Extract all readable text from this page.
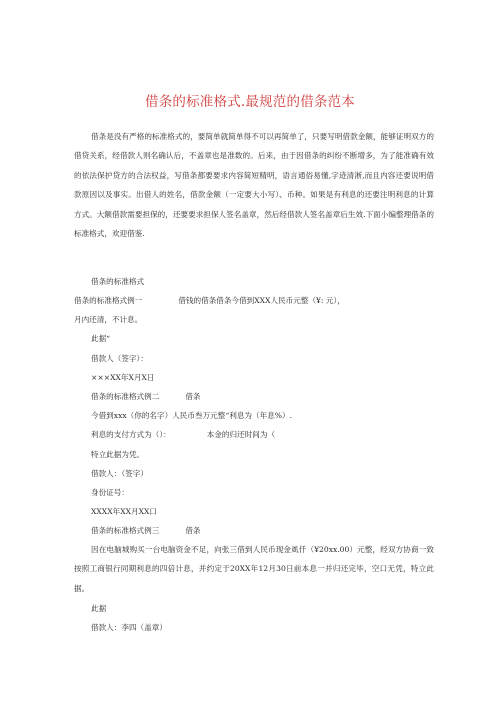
借条的标准格式.最规范的借条范本
借条是没有严格的标准格式的，要简单就简单得不可以再简单了，只要写明借款金额，能够证明双方的借贷关系，经借款人则名确认后，不盖章也是准数的。后来，由于因借条的纠纷不断增多，为了能准确有效的依法保护贷方的合法权益，写借条都要要求内容简短精明，语言通俗易懂,字迹清淅,而且内容还要说明借款原因以及事实。出借人的姓名，借款金额（一定要大小写）、币种。如果是有利息的还要注明利息的计算方式。大额借款需要担保的，还要要求担保人签名盖章，然后经借款人签名盖章后生效.下面小编整理借条的标准格式，欢迎借鉴.
借条的标准格式
借条的标准格式例一	借钱的借条借条今借到XXX人民币元整（¥: 元），
月内还清，不计息。
此据“
借款人（签字）：
×××XX年X月X日
借条的标准格式例二	借条
今借到xxx（你的名字）人民币叁万元整“利息为（年息%）.
利息的支付方式为（）：	本金的归还时间为（
特立此据为凭。
借款人：（签字）
身份证号：
XXXX年XX月XX口
借条的标准格式例三	借条
因在电脑城购买一台电脑资金不足，向张三借到人民币现金虱仟（¥20xx.00）元整，经双方协商一致按照工商银行同期利息的四倍计息，并约定于20XX年12月30日前本息一并归还完毕，空口无凭，特立此据。
此据
借款人：李四（盖章）
